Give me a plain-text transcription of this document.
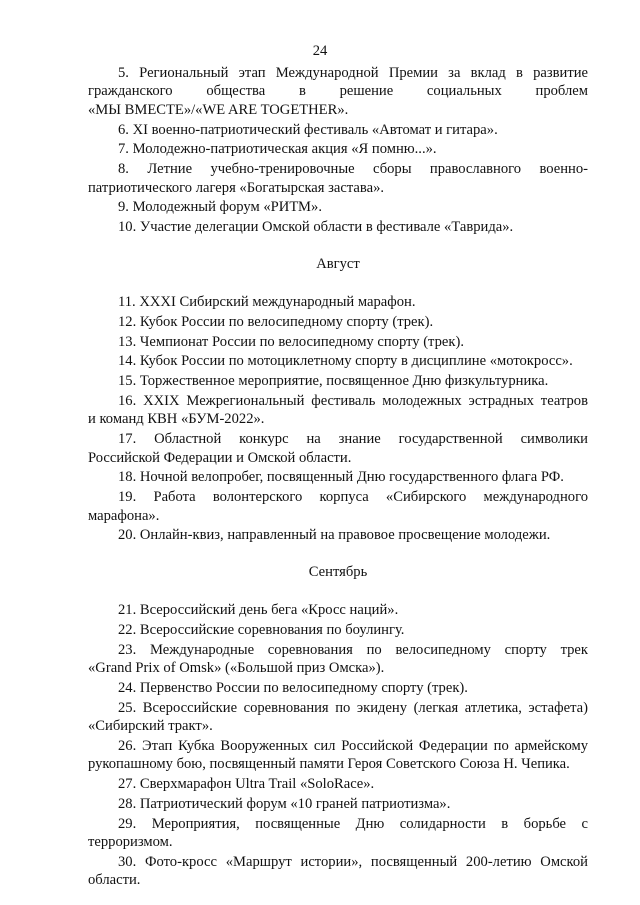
24
5. Региональный этап Международной Премии за вклад в развитие
гражданского общества в решение социальных проблем
«МЫ ВМЕСТЕ»/«WE ARE TOGETHER».
6. XI военно-патриотический фестиваль «Автомат и гитара».
7. Молодежно-патриотическая акция «Я помню...».
8. Летние учебно-тренировочные сборы православного военно-
патриотического лагеря «Богатырская застава».
9. Молодежный форум «РИТМ».
10. Участие делегации Омской области в фестивале «Таврида».
Август
11. XXXI Сибирский международный марафон.
12. Кубок России по велосипедному спорту (трек).
13. Чемпионат России по велосипедному спорту (трек).
14. Кубок России по мотоциклетному спорту в дисциплине «мотокросс».
15. Торжественное мероприятие, посвященное Дню физкультурника.
16. XXIX Межрегиональный фестиваль молодежных эстрадных театров
и команд КВН «БУМ-2022».
17. Областной конкурс на знание государственной символики
Российской Федерации и Омской области.
18. Ночной велопробег, посвященный Дню государственного флага РФ.
19. Работа волонтерского корпуса «Сибирского международного
марафона».
20. Онлайн-квиз, направленный на правовое просвещение молодежи.
Сентябрь
21. Всероссийский день бега «Кросс наций».
22. Всероссийские соревнования по боулингу.
23. Международные соревнования по велосипедному спорту трек
«Grand Prix of Omsk» («Большой приз Омска»).
24. Первенство России по велосипедному спорту (трек).
25. Всероссийские соревнования по экидену (легкая атлетика, эстафета)
«Сибирский тракт».
26. Этап Кубка Вооруженных сил Российской Федерации по армейскому
рукопашному бою, посвященный памяти Героя Советского Союза Н. Чепика.
27. Сверхмарафон Ultra Trail «SoloRace».
28. Патриотический форум «10 граней патриотизма».
29. Мероприятия, посвященные Дню солидарности в борьбе с
терроризмом.
30. Фото-кросс «Маршрут истории», посвященный 200-летию Омской
области.
